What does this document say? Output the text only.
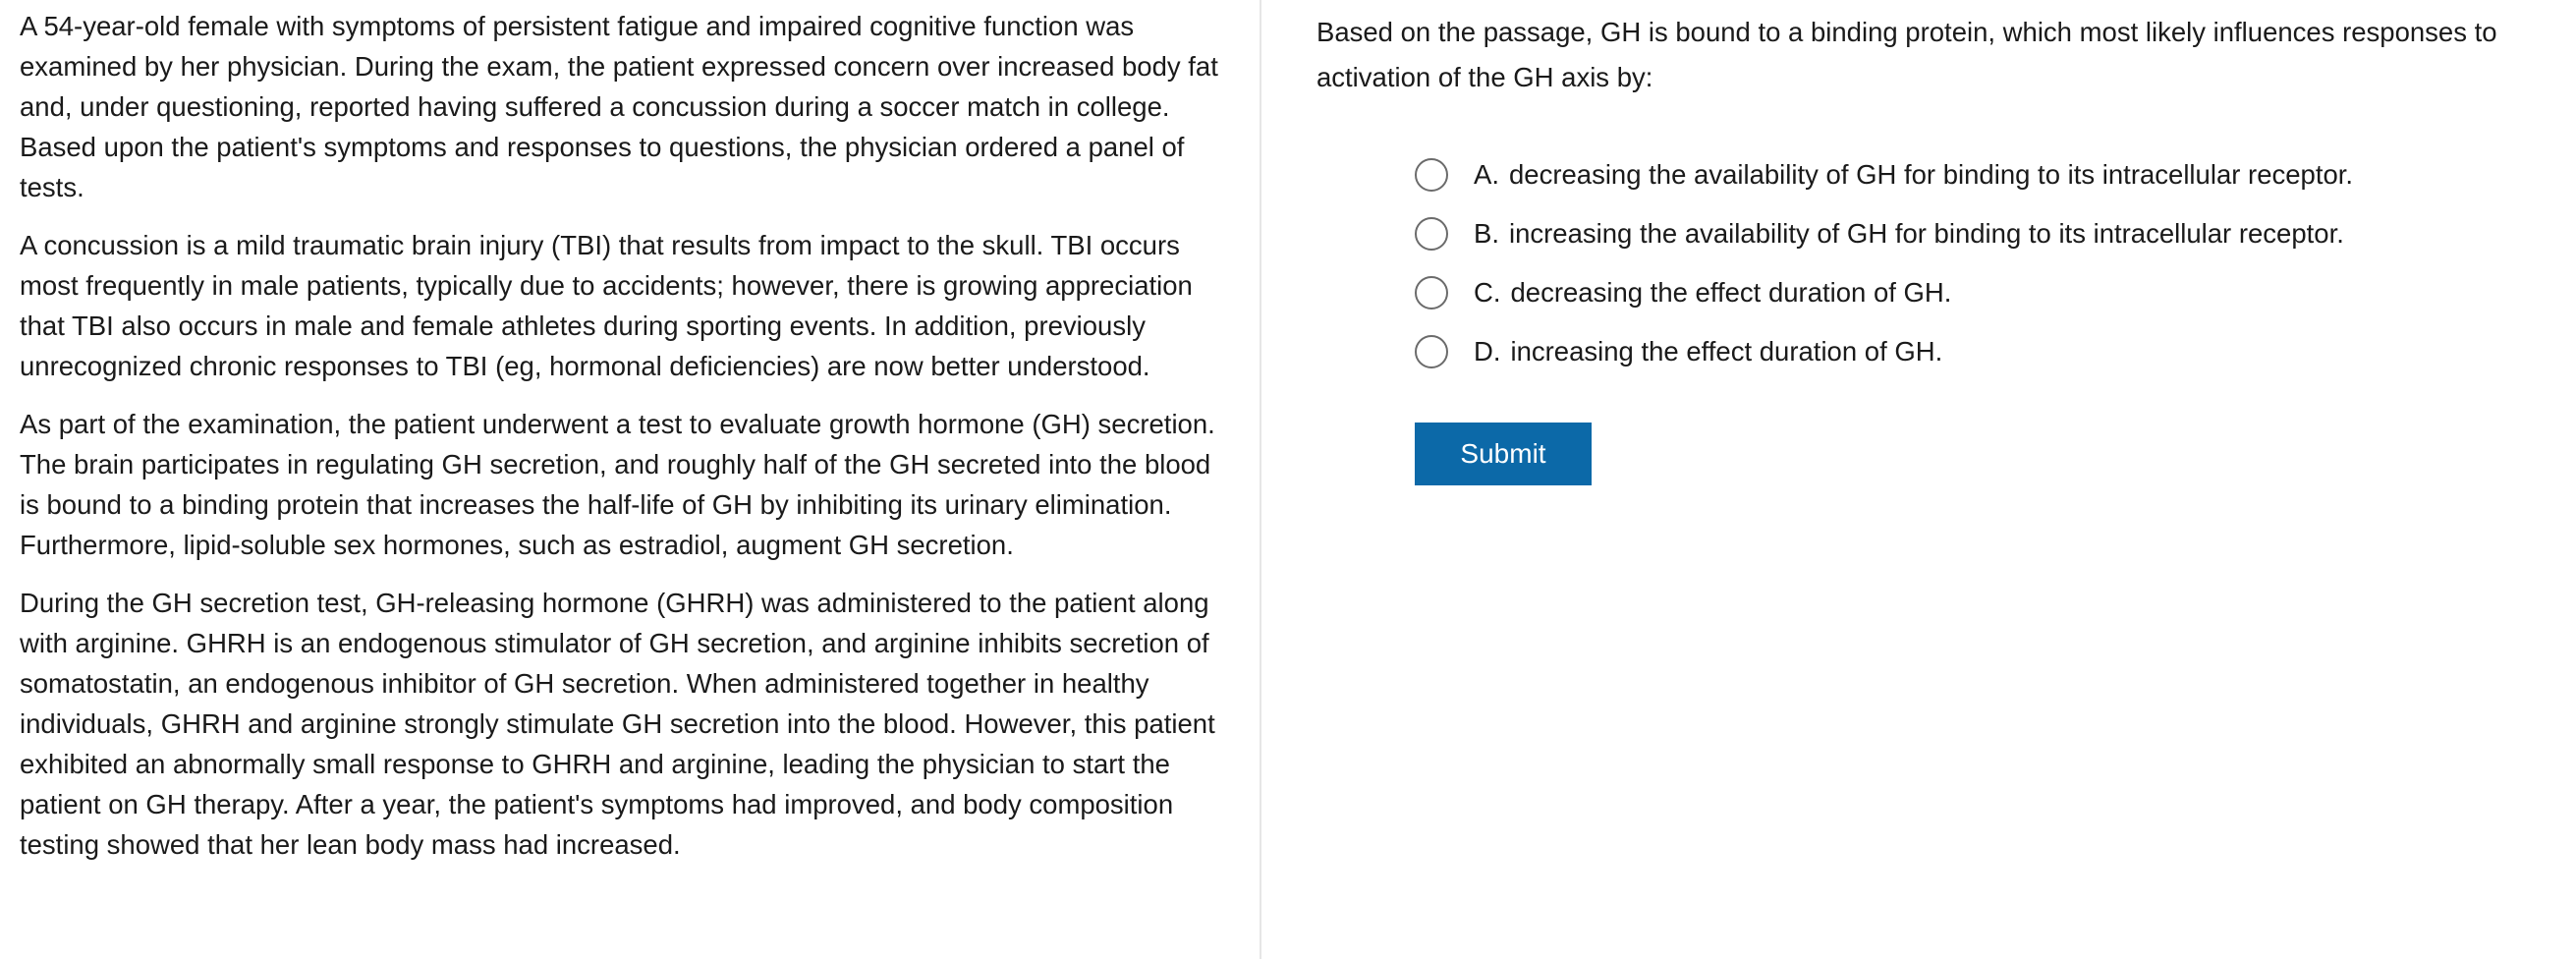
A 54-year-old female with symptoms of persistent fatigue and impaired cognitive function was examined by her physician. During the exam, the patient expressed concern over increased body fat and, under questioning, reported having suffered a concussion during a soccer match in college. Based upon the patient's symptoms and responses to questions, the physician ordered a panel of tests.

A concussion is a mild traumatic brain injury (TBI) that results from impact to the skull. TBI occurs most frequently in male patients, typically due to accidents; however, there is growing appreciation that TBI also occurs in male and female athletes during sporting events. In addition, previously unrecognized chronic responses to TBI (eg, hormonal deficiencies) are now better understood.

As part of the examination, the patient underwent a test to evaluate growth hormone (GH) secretion. The brain participates in regulating GH secretion, and roughly half of the GH secreted into the blood is bound to a binding protein that increases the half-life of GH by inhibiting its urinary elimination. Furthermore, lipid-soluble sex hormones, such as estradiol, augment GH secretion.

During the GH secretion test, GH-releasing hormone (GHRH) was administered to the patient along with arginine. GHRH is an endogenous stimulator of GH secretion, and arginine inhibits secretion of somatostatin, an endogenous inhibitor of GH secretion. When administered together in healthy individuals, GHRH and arginine strongly stimulate GH secretion into the blood. However, this patient exhibited an abnormally small response to GHRH and arginine, leading the physician to start the patient on GH therapy. After a year, the patient's symptoms had improved, and body composition testing showed that her lean body mass had increased.

Based on the passage, GH is bound to a binding protein, which most likely influences responses to activation of the GH axis by:

A. decreasing the availability of GH for binding to its intracellular receptor.
B. increasing the availability of GH for binding to its intracellular receptor.
C. decreasing the effect duration of GH.
D. increasing the effect duration of GH.
Submit
